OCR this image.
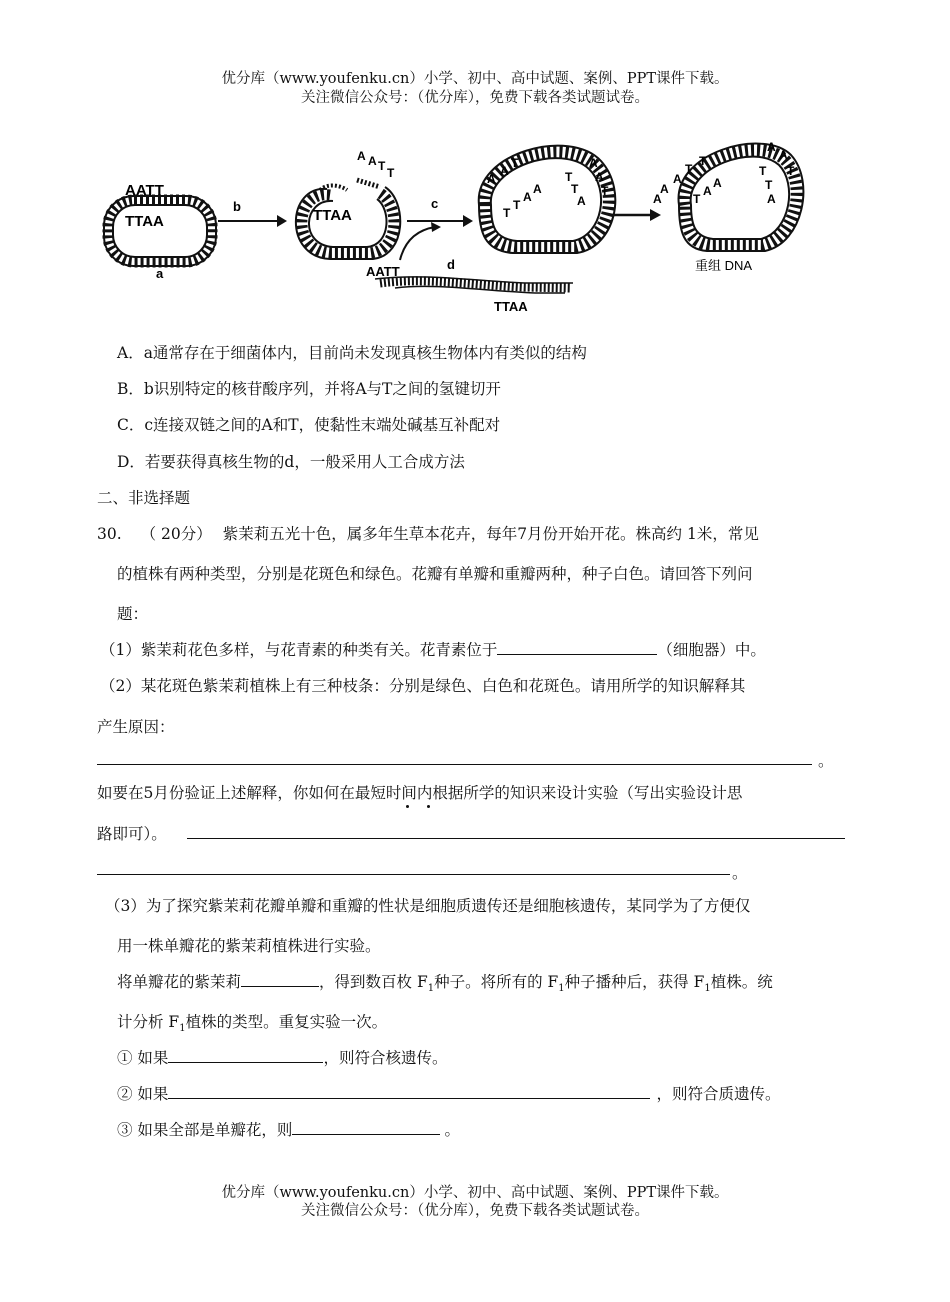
优分库（www.youfenku.cn）小学、初中、高中试题、案例、PPT课件下载。
关注微信公众号：（优分库），免费下载各类试题试卷。
AATT
TTAA
a
b
TTAA
A A T T
c
AATT
TTAA
d
A
A
T
T
T
A
A
A
A
T
T
T
A
A
A
T
T
A	T
A
A
A
A
T
T
T
A
重组 DNA
A．a通常存在于细菌体内，目前尚未发现真核生物体内有类似的结构
B．b识别特定的核苷酸序列，并将A与T之间的氢键切开
C．c连接双链之间的A和T，使黏性末端处碱基互补配对
D．若要获得真核生物的d，一般采用人工合成方法
二、非选择题
30. （ 20分） 紫茉莉五光十色，属多年生草本花卉，每年7月份开始开花。株高约 1米，常见
的植株有两种类型，分别是花斑色和绿色。花瓣有单瓣和重瓣两种，种子白色。请回答下列问
题：
（1）紫茉莉花色多样，与花青素的种类有关。花青素位于	（细胞器）中。
（2）某花斑色紫茉莉植株上有三种枝条：分别是绿色、白色和花斑色。请用所学的知识解释其
产生原因：
。
如要在5月份验证上述解释，你如何在最短时间内根据所学的知识来设计实验（写出实验设计思
路即可）。
。
（3）为了探究紫茉莉花瓣单瓣和重瓣的性状是细胞质遗传还是细胞核遗传，某同学为了方便仅
用一株单瓣花的紫茉莉植株进行实验。
将单瓣花的紫茉莉	，得到数百枚 $F_1$种子。将所有的 $F_1$种子播种后，获得 $F_1$植株。统
计分析 $F_1$植株的类型。重复实验一次。
① 如果	，则符合核遗传。
② 如果	，则符合质遗传。
③ 如果全部是单瓣花，则	。
优分库（www.youfenku.cn）小学、初中、高中试题、案例、PPT课件下载。
关注微信公众号：（优分库），免费下载各类试题试卷。
